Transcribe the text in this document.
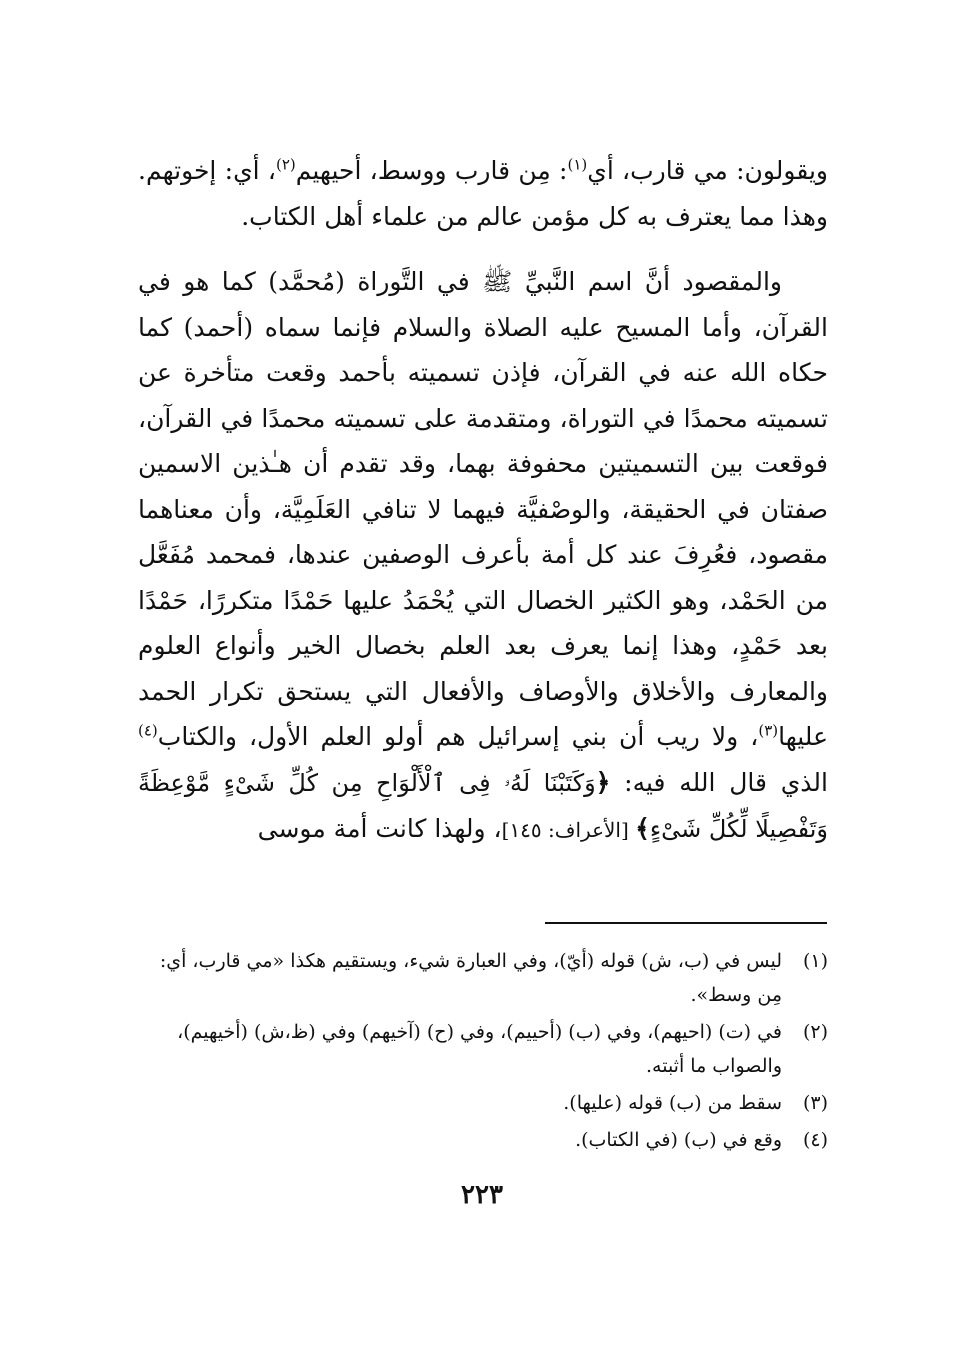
ويقولون: مي قارب، أي$^{(١)}$: مِن قارب ووسط، أحيهيم$^{(٢)}$، أي: إخوتهم. وهذا مما يعترف به كل مؤمن عالم من علماء أهل الكتاب.

والمقصود أنَّ اسم النَّبيِّ ﷺ في التَّوراة (مُحمَّد) كما هو في القرآن، وأما المسيح عليه الصلاة والسلام فإنما سماه (أحمد) كما حكاه الله عنه في القرآن، فإذن تسميته بأحمد وقعت متأخرة عن تسميته محمدًا في التوراة، ومتقدمة على تسميته محمدًا في القرآن، فوقعت بين التسميتين محفوفة بهما، وقد تقدم أن هـٰذين الاسمين صفتان في الحقيقة، والوصْفيَّة فيهما لا تنافي العَلَمِيَّة، وأن معناهما مقصود، فعُرِفَ عند كل أمة بأعرف الوصفين عندها، فمحمد مُفَعَّل من الحَمْد، وهو الكثير الخصال التي يُحْمَدُ عليها حَمْدًا متكررًا، حَمْدًا بعد حَمْدٍ، وهذا إنما يعرف بعد العلم بخصال الخير وأنواع العلوم والمعارف والأخلاق والأوصاف والأفعال التي يستحق تكرار الحمد عليها$^{(٣)}$، ولا ريب أن بني إسرائيل هم أولو العلم الأول، والكتاب$^{(٤)}$ الذي قال الله فيه: ﴿وَكَتَبْنَا لَهُۥ فِى ٱلْأَلْوَاحِ مِن كُلِّ شَىْءٍ مَّوْعِظَةً وَتَفْصِيلًا لِّكُلِّ شَىْءٍ﴾ [الأعراف: ١٤٥]، ولهذا كانت أمة موسى

(١)
ليس في (ب، ش) قوله (أيّ)، وفي العبارة شيء، ويستقيم هكذا «مي قارب، أي: مِن وسط».
(٢)
في (ت) (احيهم)، وفي (ب) (أحييم)، وفي (ح) (آخيهم) وفي (ظ،ش) (أخيهيم)، والصواب ما أثبته.
(٣)
سقط من (ب) قوله (عليها).
(٤)
وقع في (ب) (في الكتاب).
٢٢٣
